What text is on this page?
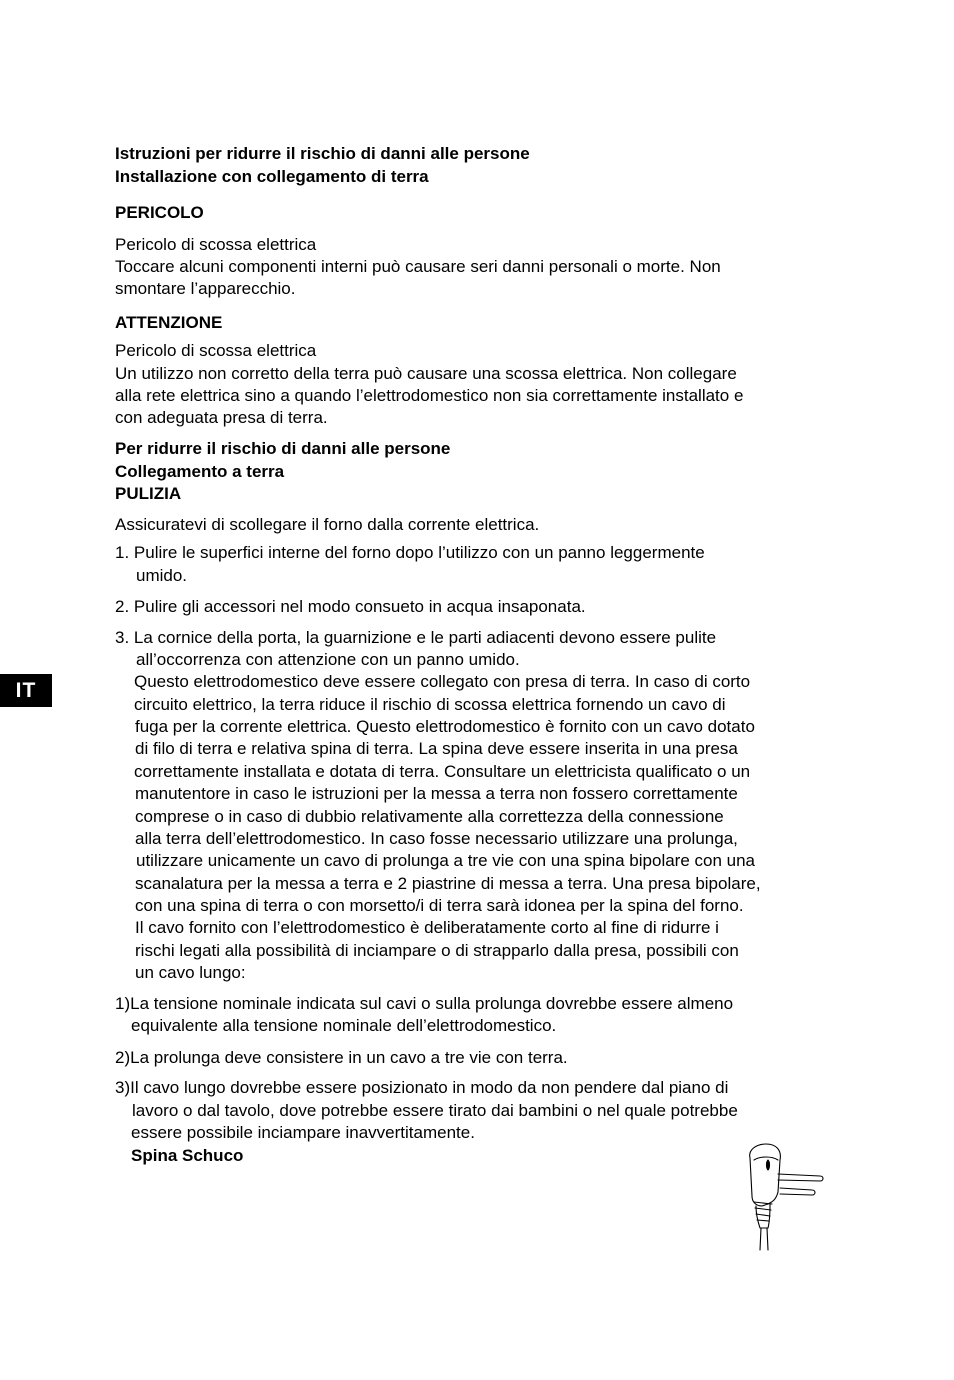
Istruzioni per ridurre il rischio di danni alle persone
Installazione con collegamento di terra
PERICOLO
Pericolo di scossa elettrica
Toccare alcuni componenti interni può causare seri danni personali o morte. Non
smontare l’apparecchio.
ATTENZIONE
Pericolo di scossa elettrica
Un utilizzo non corretto della terra può causare una scossa elettrica. Non collegare
alla rete elettrica sino a quando l’elettrodomestico non sia correttamente installato e
con adeguata presa di terra.
Per ridurre il rischio di danni alle persone
Collegamento a terra
PULIZIA
Assicuratevi di scollegare il forno dalla corrente elettrica.
1. Pulire le superfici interne del forno dopo l’utilizzo con un panno leggermente
umido.
2. Pulire gli accessori nel modo consueto in acqua insaponata.
3. La cornice della porta, la guarnizione e le parti adiacenti devono essere pulite
all’occorrenza con attenzione con un panno umido.
Questo elettrodomestico deve essere collegato con presa di terra. In caso di corto
circuito elettrico, la terra riduce il rischio di scossa elettrica fornendo un cavo di
fuga per la corrente elettrica. Questo elettrodomestico è fornito con un cavo dotato
di filo di terra e relativa spina di terra. La spina deve essere inserita in una presa
correttamente installata e dotata di terra. Consultare un elettricista qualificato o un
manutentore in caso le istruzioni per la messa a terra non fossero correttamente
comprese o in caso di dubbio relativamente alla correttezza della connessione
alla terra dell’elettrodomestico. In caso fosse necessario utilizzare una prolunga,
utilizzare unicamente un cavo di prolunga a tre vie con una spina bipolare con una
scanalatura per la messa a terra e 2 piastrine di messa a terra. Una presa bipolare,
con una spina di terra o con morsetto/i di terra sarà idonea per la spina del forno.
Il cavo fornito con l’elettrodomestico è deliberatamente corto al fine di ridurre i
rischi legati alla possibilità di inciampare o di strapparlo dalla presa, possibili con
un cavo lungo:
1)La tensione nominale indicata sul cavi o sulla prolunga dovrebbe essere almeno
equivalente alla tensione nominale dell’elettrodomestico.
2)La prolunga deve consistere in un cavo a tre vie con terra.
3)Il cavo lungo dovrebbe essere posizionato in modo da non pendere dal piano di
lavoro o dal tavolo, dove potrebbe essere tirato dai bambini o nel quale potrebbe
essere possibile inciampare inavvertitamente.
Spina Schuco
IT
